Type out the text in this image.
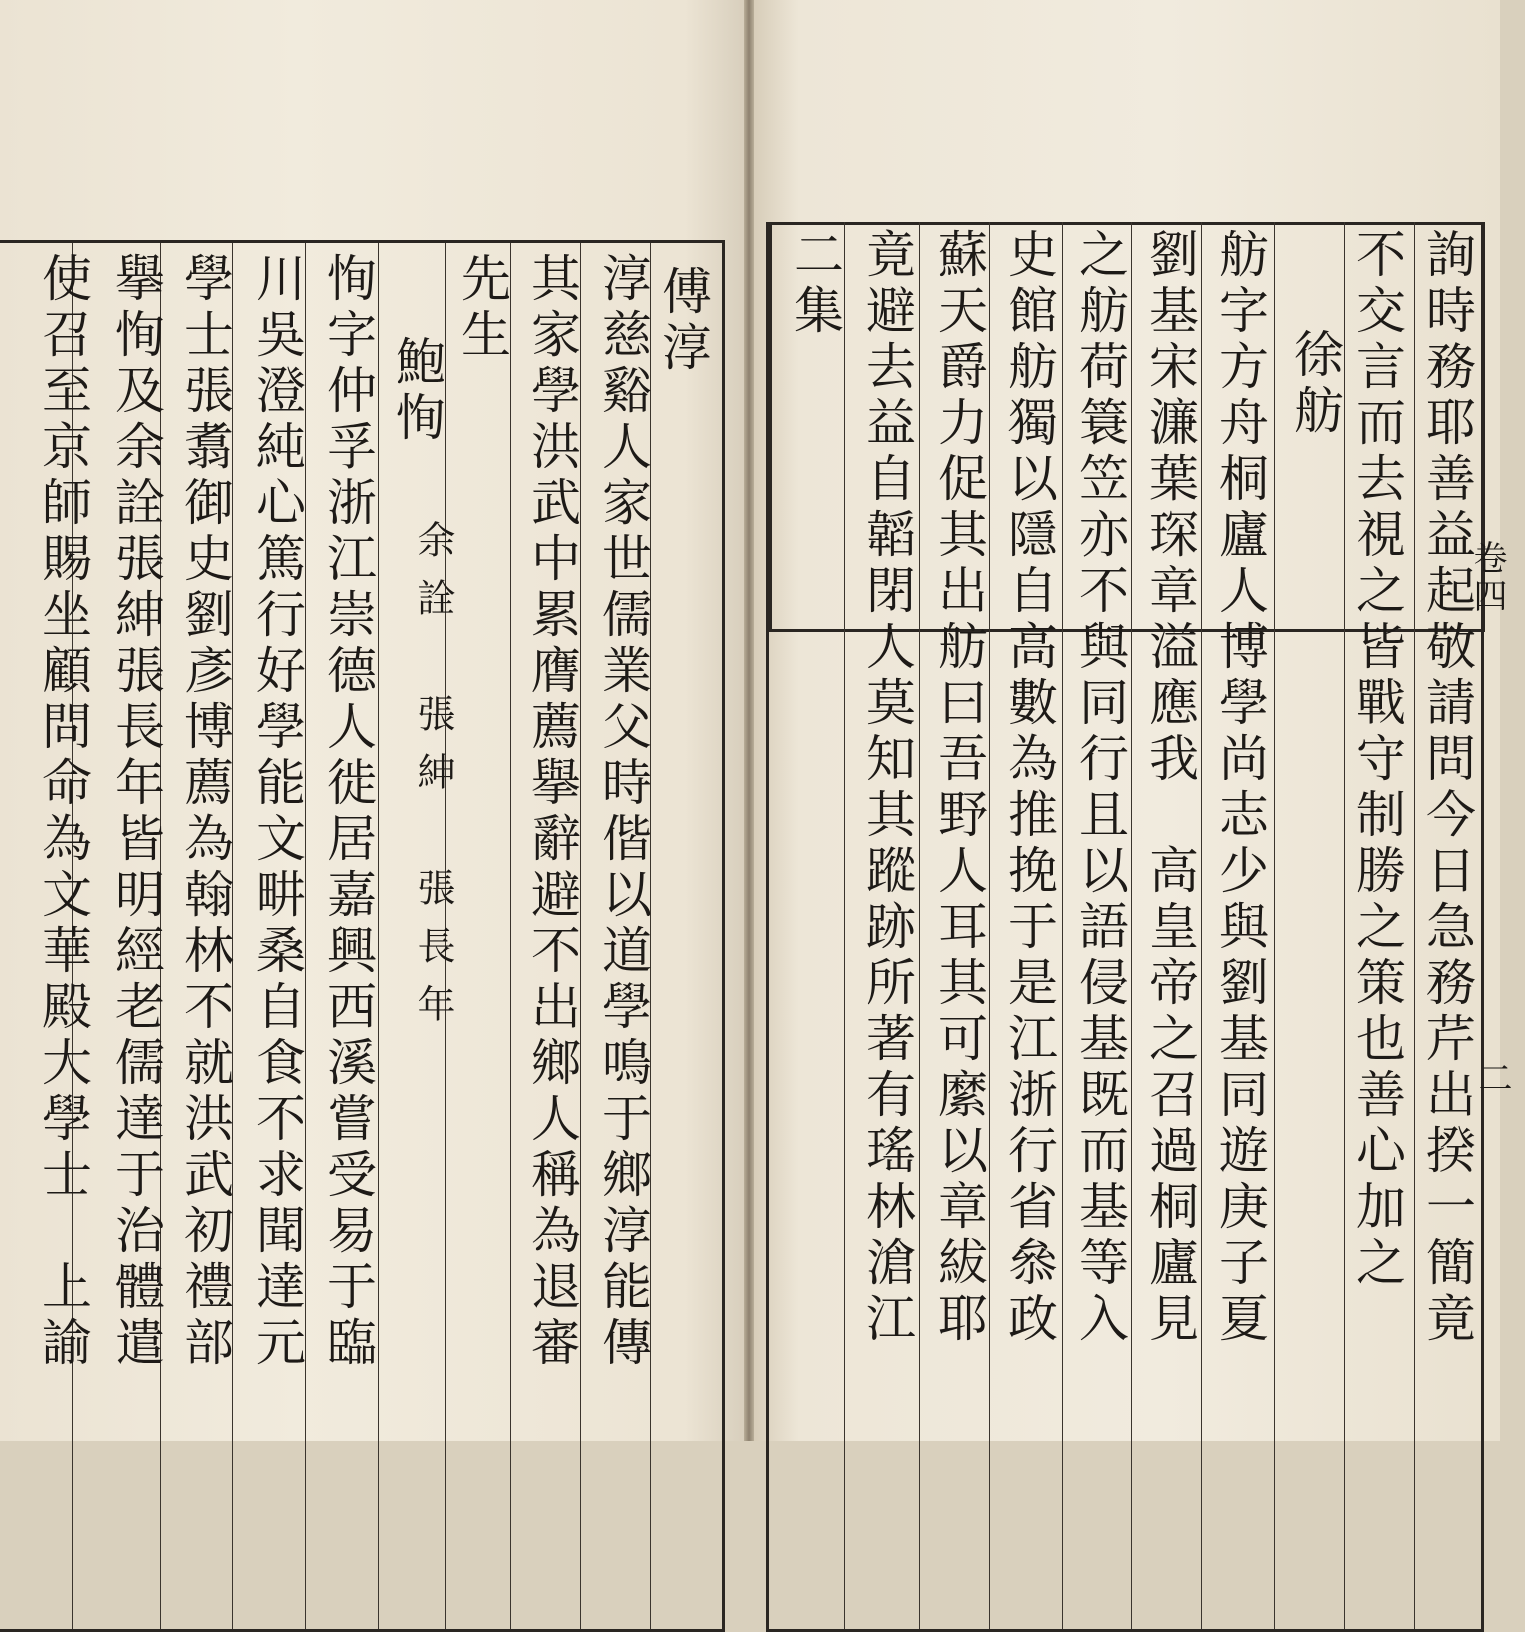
傅淳
淳慈谿人家世儒業父時偕以道學鳴于鄉淳能傳
其家學洪武中累膺薦擧辭避不出鄉人稱為退審
先生
鮑恂
余詮　張紳　張長年
恂字仲孚浙江崇德人徙居嘉興西溪嘗受易于臨
川吳澄純心篤行好學能文畊桑自食不求聞達元
學士張翥御史劉彥博薦為翰林不就洪武初禮部
擧恂及余詮張紳張長年皆明經老儒達于治體遣
使召至京師賜坐顧問命為文華殿大學士　上諭	詢時務耶善益起敬請問今日急務芹出揆一簡竟
不交言而去視之皆戰守制勝之策也善心加之
徐舫
舫字方舟桐廬人博學尚志少與劉基同遊庚子夏
劉基宋濂葉琛章溢應我　高皇帝之召過桐廬見
之舫荷簑笠亦不與同行且以語侵基既而基等入
史館舫獨以隱自高數為推挽于是江浙行省叅政
蘇天爵力促其出舫曰吾野人耳其可縻以章紱耶
竟避去益自韜閉人莫知其蹤跡所著有瑤林滄江
二集
卷四
二
